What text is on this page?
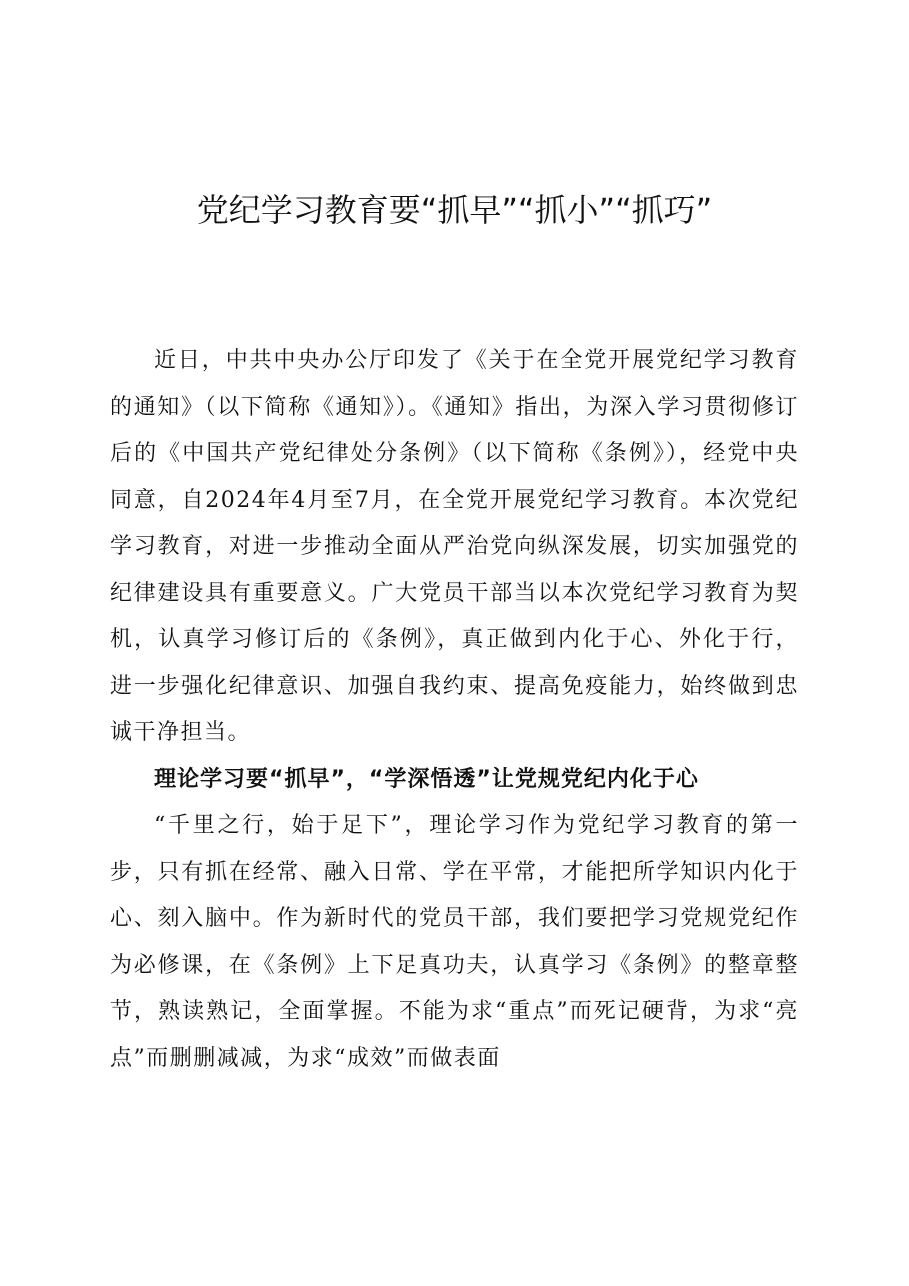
党纪学习教育要“抓早”“抓小”“抓巧”

近日，中共中央办公厅印发了《关于在全党开展党纪学习教育的通知》（以下简称《通知》）。《通知》指出，为深入学习贯彻修订后的《中国共产党纪律处分条例》（以下简称《条例》），经党中央同意，自2024年4月至7月，在全党开展党纪学习教育。本次党纪学习教育，对进一步推动全面从严治党向纵深发展，切实加强党的纪律建设具有重要意义。广大党员干部当以本次党纪学习教育为契机，认真学习修订后的《条例》，真正做到内化于心、外化于行，进一步强化纪律意识、加强自我约束、提高免疫能力，始终做到忠诚干净担当。

理论学习要“抓早”，“学深悟透”让党规党纪内化于心

“千里之行，始于足下”，理论学习作为党纪学习教育的第一步，只有抓在经常、融入日常、学在平常，才能把所学知识内化于心、刻入脑中。作为新时代的党员干部，我们要把学习党规党纪作为必修课，在《条例》上下足真功夫，认真学习《条例》的整章整节，熟读熟记，全面掌握。不能为求“重点”而死记硬背，为求“亮点”而删删减减，为求“成效”而做表面
